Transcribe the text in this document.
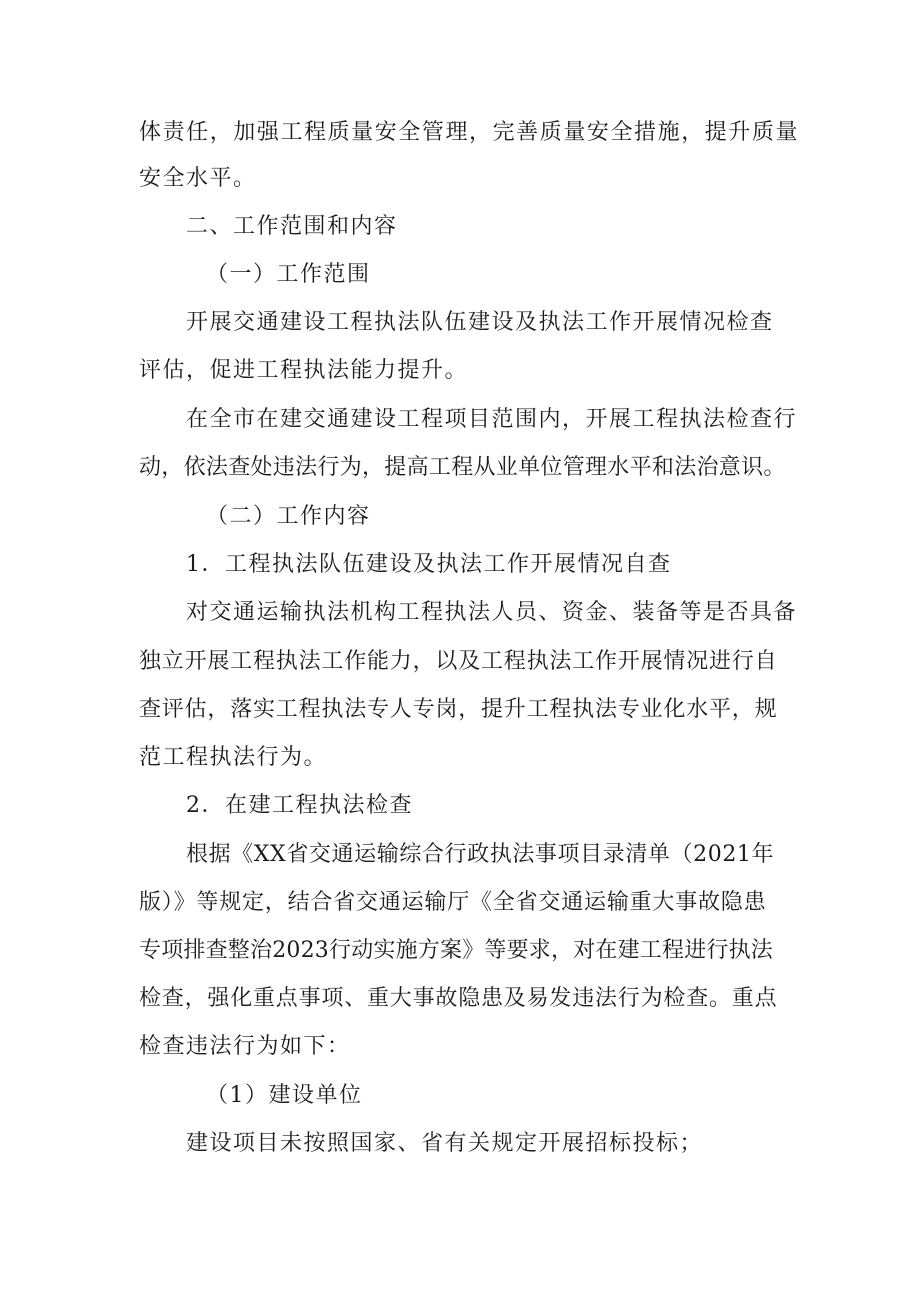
体责任，加强工程质量安全管理，完善质量安全措施，提升质量
安全水平。
二、工作范围和内容
（一）工作范围
开展交通建设工程执法队伍建设及执法工作开展情况检查
评估，促进工程执法能力提升。
在全市在建交通建设工程项目范围内，开展工程执法检查行
动，依法查处违法行为，提高工程从业单位管理水平和法治意识。
（二）工作内容
1．工程执法队伍建设及执法工作开展情况自查
对交通运输执法机构工程执法人员、资金、装备等是否具备
独立开展工程执法工作能力，以及工程执法工作开展情况进行自
查评估，落实工程执法专人专岗，提升工程执法专业化水平，规
范工程执法行为。
2．在建工程执法检查
根据《XX省交通运输综合行政执法事项目录清单（2021年
版）》等规定，结合省交通运输厅《全省交通运输重大事故隐患
专项排查整治2023行动实施方案》等要求，对在建工程进行执法
检查，强化重点事项、重大事故隐患及易发违法行为检查。重点
检查违法行为如下：
（1）建设单位
建设项目未按照国家、省有关规定开展招标投标；
